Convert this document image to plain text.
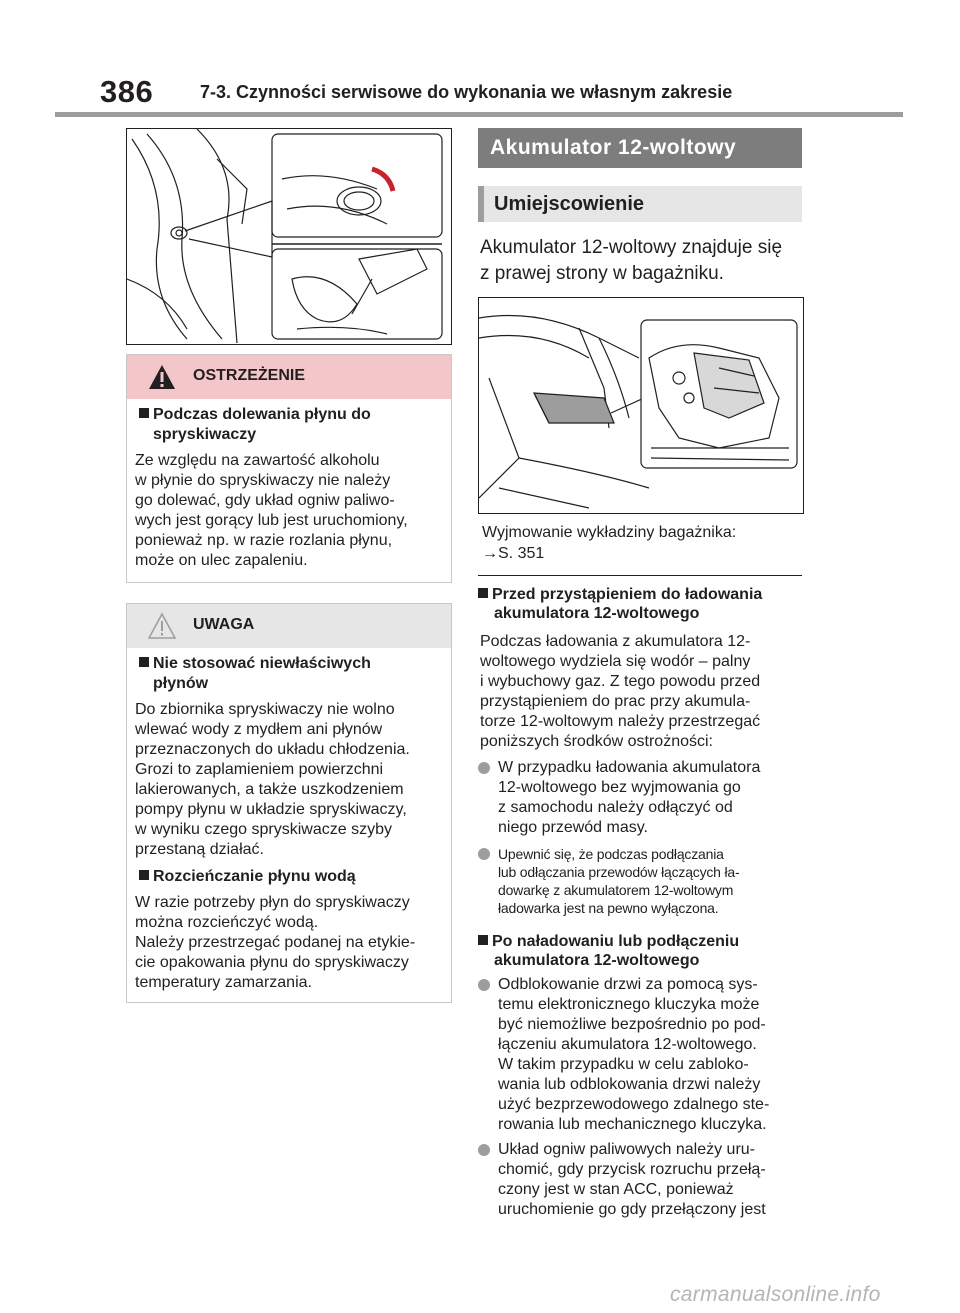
386	7-3. Czynności serwisowe do wykonania we własnym zakresie
OSTRZEŻENIE
Podczas dolewania płynu do
spryskiwaczy
Ze względu na zawartość alkoholu
w płynie do spryskiwaczy nie należy
go dolewać, gdy układ ogniw paliwo-
wych jest gorący lub jest uruchomiony,
ponieważ np. w razie rozlania płynu,
może on ulec zapaleniu.
UWAGA
Nie stosować niewłaściwych
płynów
Do zbiornika spryskiwaczy nie wolno
wlewać wody z mydłem ani płynów
przeznaczonych do układu chłodzenia.
Grozi to zaplamieniem powierzchni
lakierowanych, a także uszkodzeniem
pompy płynu w układzie spryskiwaczy,
w wyniku czego spryskiwacze szyby
przestaną działać.
Rozcieńczanie płynu wodą
W razie potrzeby płyn do spryskiwaczy
można rozcieńczyć wodą.
Należy przestrzegać podanej na etykie-
cie opakowania płynu do spryskiwaczy
temperatury zamarzania.
Akumulator 12-woltowy
Umiejscowienie
Akumulator 12-woltowy znajduje się
z prawej strony w bagażniku.
Wyjmowanie wykładziny bagażnika:
→S. 351
Przed przystąpieniem do ładowania
akumulatora 12-woltowego
Podczas ładowania z akumulatora 12-
woltowego wydziela się wodór – palny
i wybuchowy gaz. Z tego powodu przed
przystąpieniem do prac przy akumula-
torze 12-woltowym należy przestrzegać
poniższych środków ostrożności:
W przypadku ładowania akumulatora
12-woltowego bez wyjmowania go
z samochodu należy odłączyć od
niego przewód masy.
Upewnić się, że podczas podłączania
lub odłączania przewodów łączących ła-
dowarkę z akumulatorem 12-woltowym
ładowarka jest na pewno wyłączona.
Po naładowaniu lub podłączeniu
akumulatora 12-woltowego
Odblokowanie drzwi za pomocą sys-
temu elektronicznego kluczyka może
być niemożliwe bezpośrednio po pod-
łączeniu akumulatora 12-woltowego.
W takim przypadku w celu zabloko-
wania lub odblokowania drzwi należy
użyć bezprzewodowego zdalnego ste-
rowania lub mechanicznego kluczyka.
Układ ogniw paliwowych należy uru-
chomić, gdy przycisk rozruchu przełą-
czony jest w stan ACC, ponieważ
uruchomienie go gdy przełączony jest
carmanualsonline.info
